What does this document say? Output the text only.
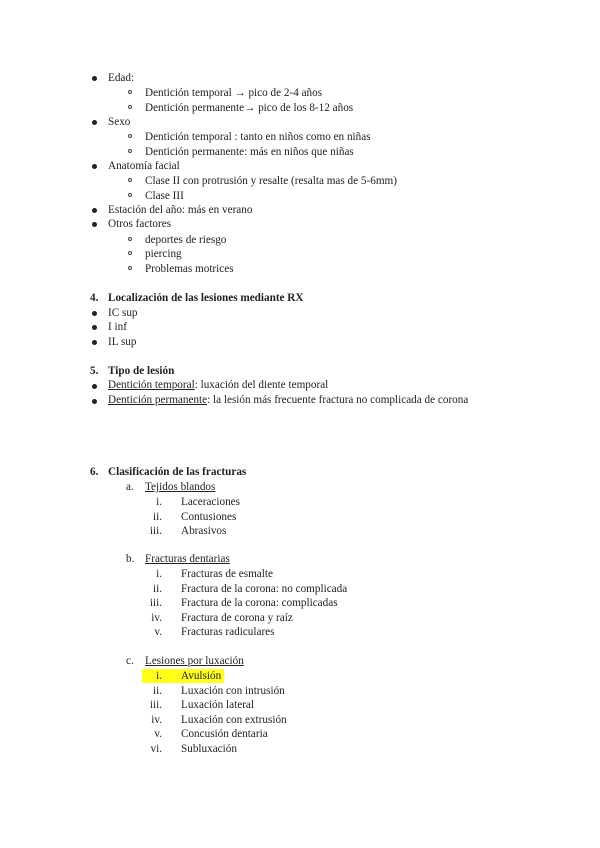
Edad:
Dentición temporal → pico de 2-4 años
Dentición permanente→ pico de los 8-12 años
Sexo
Dentición temporal : tanto en niños como en niñas
Dentición permanente: más en niños que niñas
Anatomía facial
Clase II con protrusión y resalte (resalta mas de 5-6mm)
Clase III
Estación del año: más en verano
Otros factores
deportes de riesgo
piercing
Problemas motrices
4. Localización de las lesiones mediante RX
IC sup
I inf
IL sup
5. Tipo de lesión
Dentición temporal: luxación del diente temporal
Dentición permanente: la lesión más frecuente fractura no complicada de corona
6. Clasificación de las fracturas
a. Tejidos blandos
i. Laceraciones
ii. Contusiones
iii. Abrasivos
b. Fracturas dentarias
i. Fracturas de esmalte
ii. Fractura de la corona: no complicada
iii. Fractura de la corona: complicadas
iv. Fractura de corona y raíz
v. Fracturas radiculares
c. Lesiones por luxación
i. Avulsión
ii. Luxación con intrusión
iii. Luxación lateral
iv. Luxación con extrusión
v. Concusión dentaria
vi. Subluxación
